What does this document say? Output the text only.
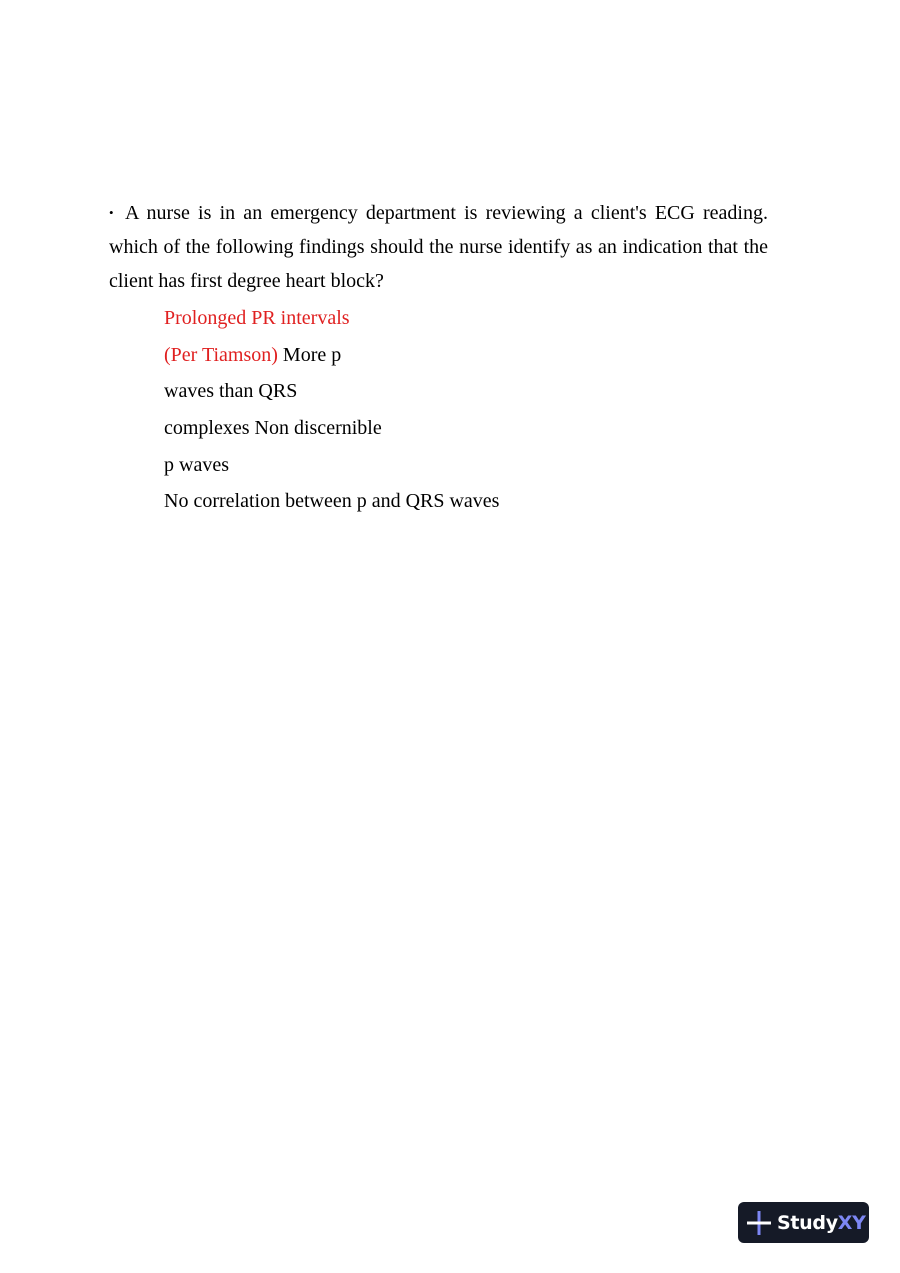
• A nurse is in an emergency department is reviewing a client's ECG reading. which of the following findings should the nurse identify as an indication that the client has first degree heart block?

Prolonged PR intervals
(Per Tiamson) More p
waves than QRS
complexes Non discernible
p waves
No correlation between p and QRS waves
Study XY
